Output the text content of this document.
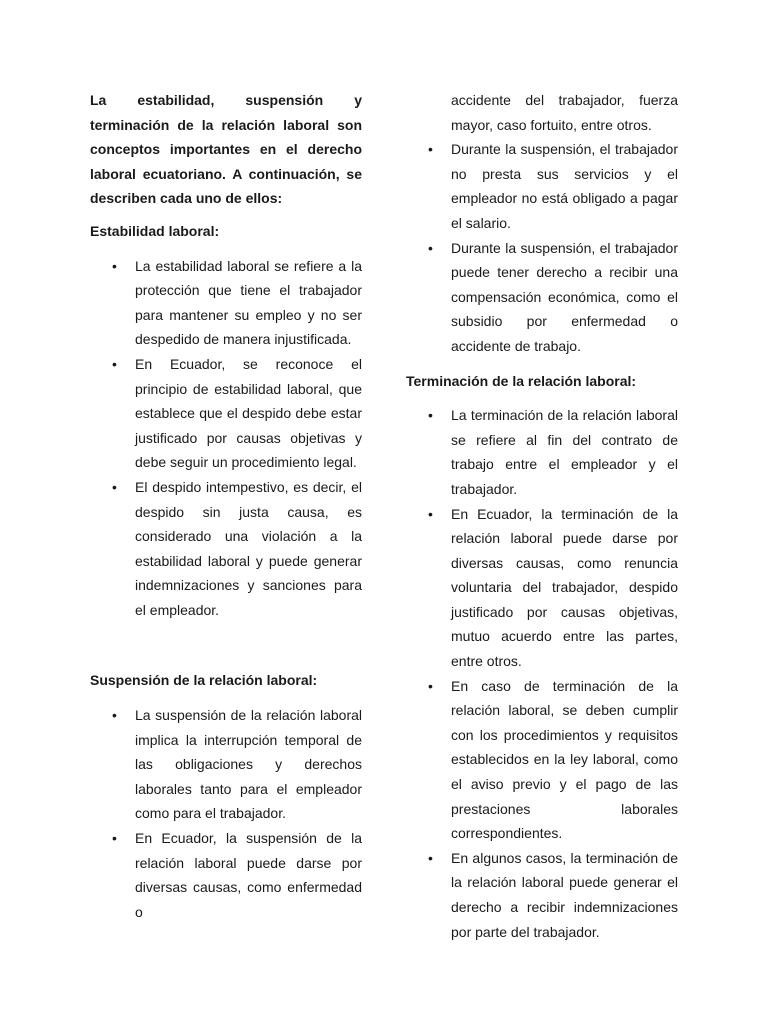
La estabilidad, suspensión y terminación de la relación laboral son conceptos importantes en el derecho laboral ecuatoriano. A continuación, se describen cada uno de ellos:

Estabilidad laboral:

• La estabilidad laboral se refiere a la protección que tiene el trabajador para mantener su empleo y no ser despedido de manera injustificada.
• En Ecuador, se reconoce el principio de estabilidad laboral, que establece que el despido debe estar justificado por causas objetivas y debe seguir un procedimiento legal.
• El despido intempestivo, es decir, el despido sin justa causa, es considerado una violación a la estabilidad laboral y puede generar indemnizaciones y sanciones para el empleador.

Suspensión de la relación laboral:

• La suspensión de la relación laboral implica la interrupción temporal de las obligaciones y derechos laborales tanto para el empleador como para el trabajador.
• En Ecuador, la suspensión de la relación laboral puede darse por diversas causas, como enfermedad o

accidente del trabajador, fuerza mayor, caso fortuito, entre otros.

• Durante la suspensión, el trabajador no presta sus servicios y el empleador no está obligado a pagar el salario.
• Durante la suspensión, el trabajador puede tener derecho a recibir una compensación económica, como el subsidio por enfermedad o accidente de trabajo.

Terminación de la relación laboral:

• La terminación de la relación laboral se refiere al fin del contrato de trabajo entre el empleador y el trabajador.
• En Ecuador, la terminación de la relación laboral puede darse por diversas causas, como renuncia voluntaria del trabajador, despido justificado por causas objetivas, mutuo acuerdo entre las partes, entre otros.
• En caso de terminación de la relación laboral, se deben cumplir con los procedimientos y requisitos establecidos en la ley laboral, como el aviso previo y el pago de las prestaciones laborales correspondientes.
• En algunos casos, la terminación de la relación laboral puede generar el derecho a recibir indemnizaciones por parte del trabajador.
